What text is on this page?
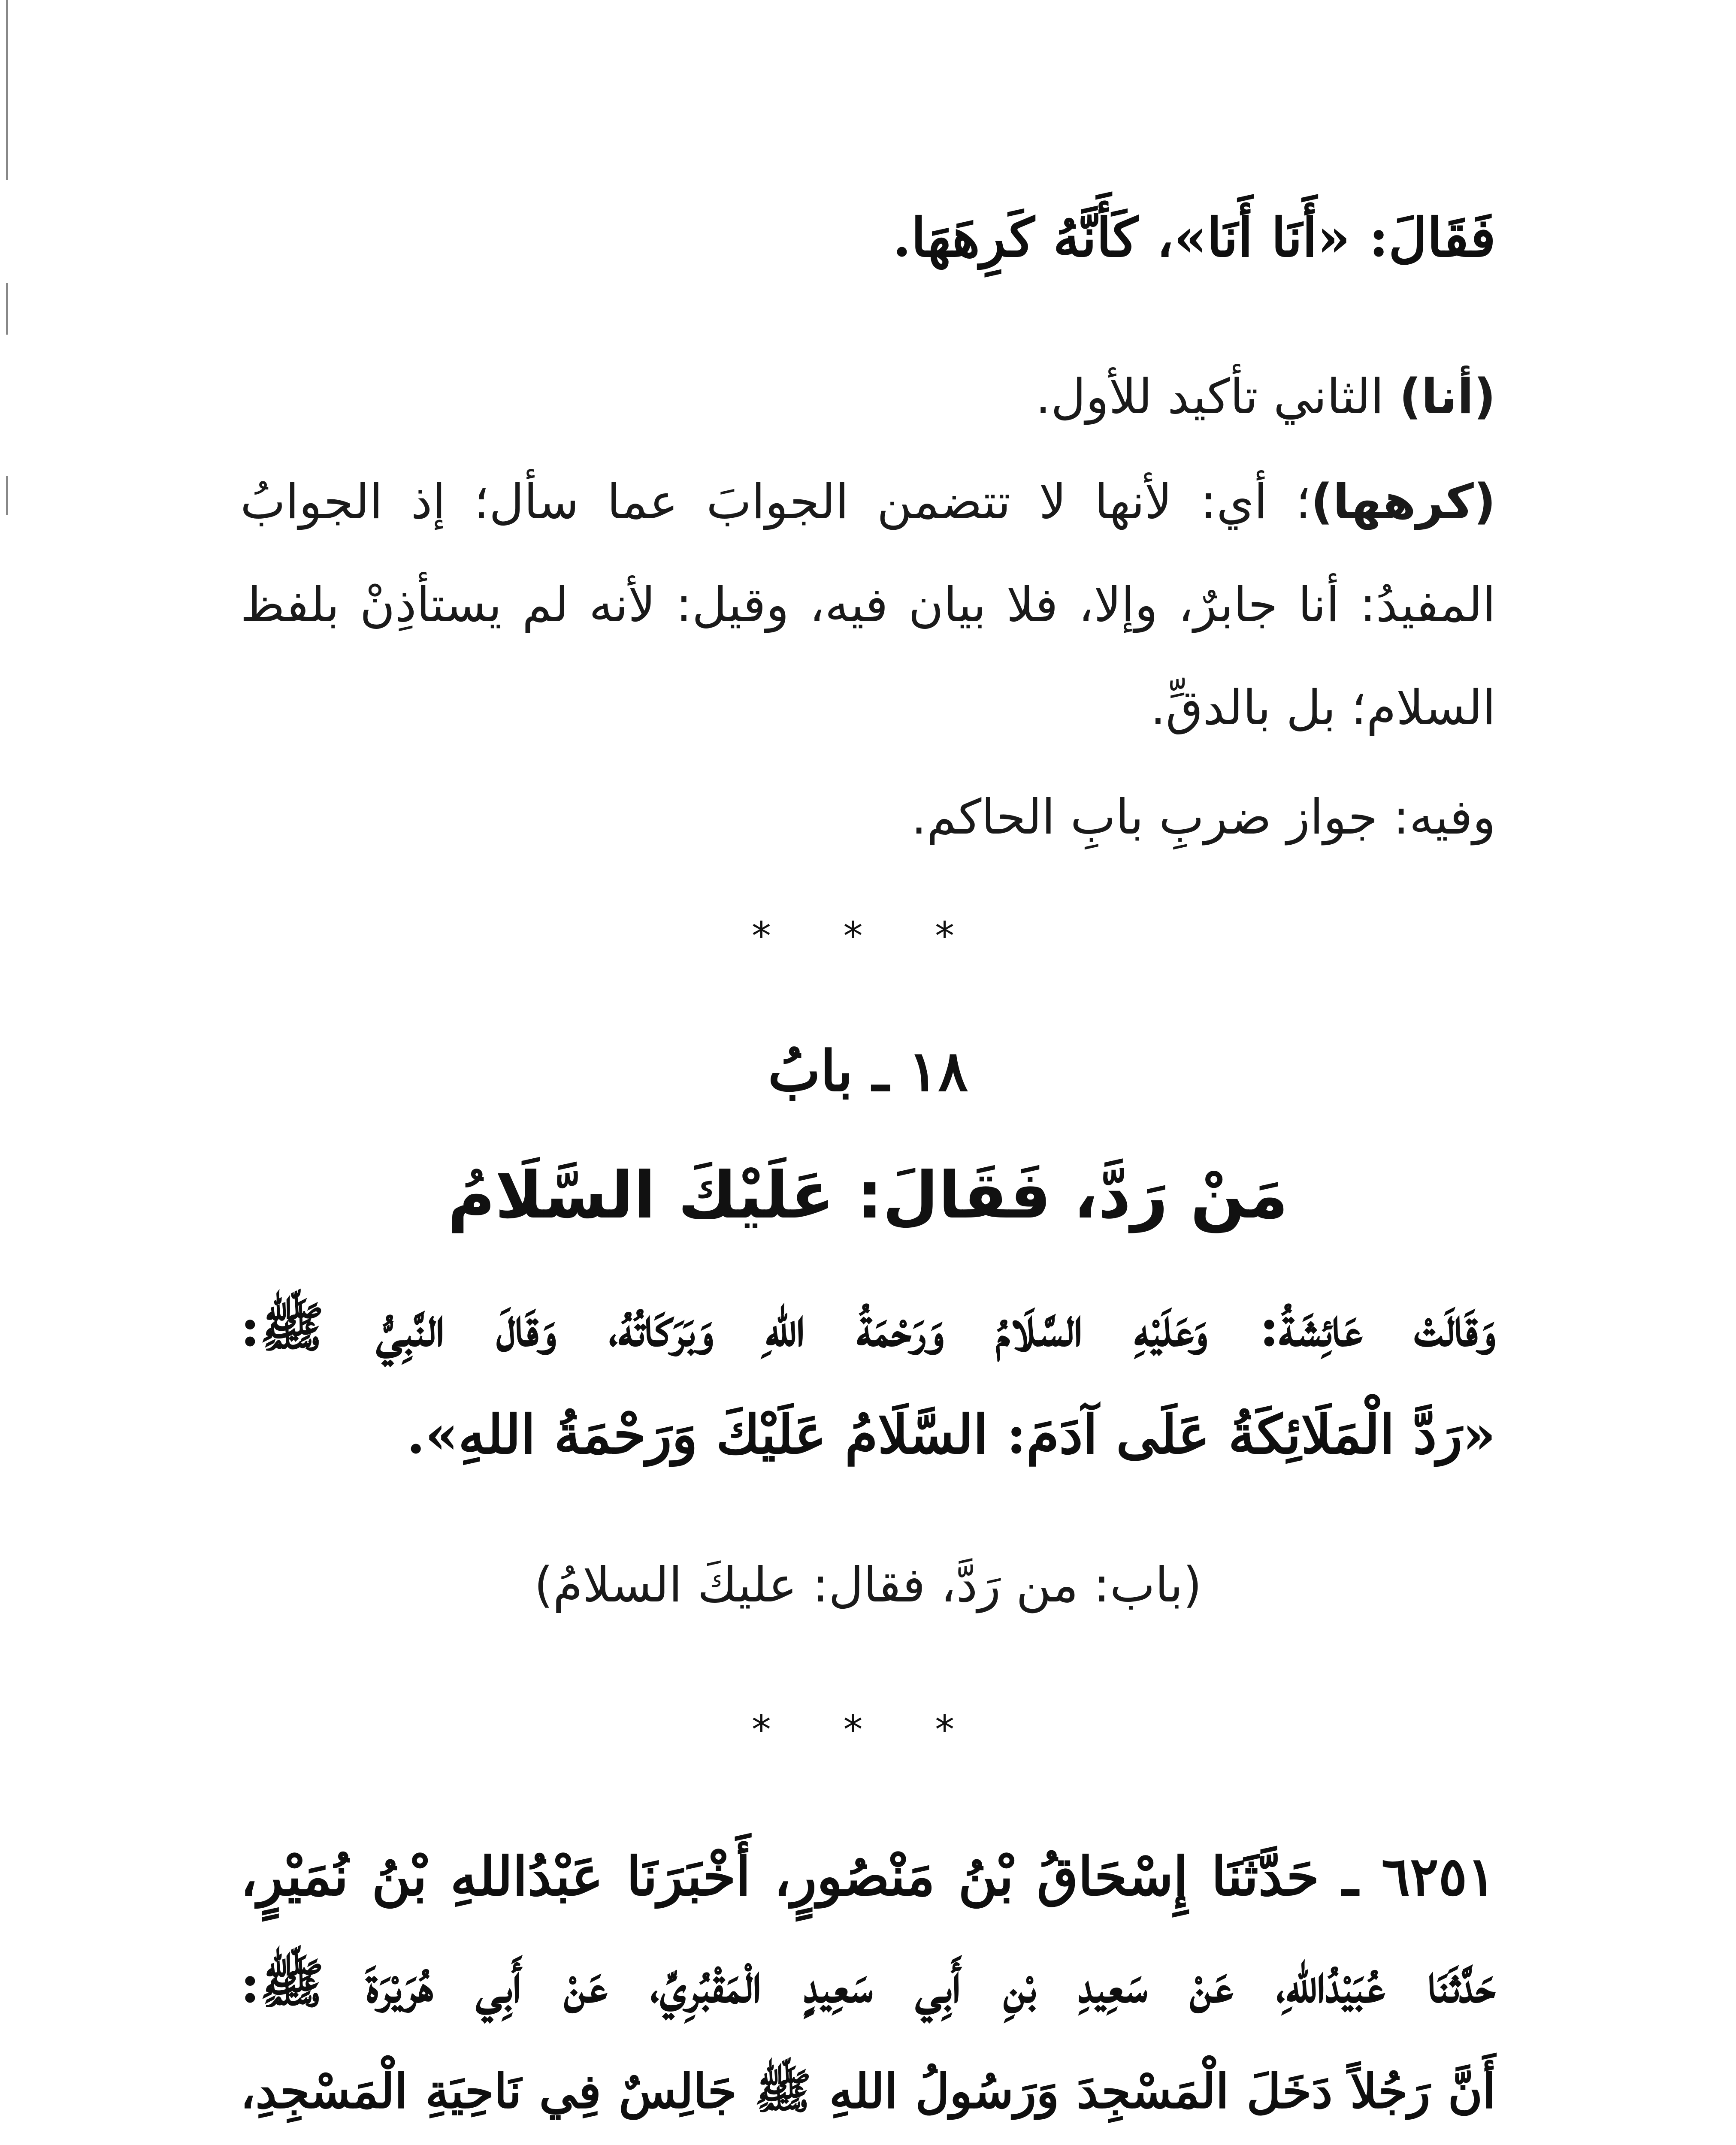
فَقَالَ: «أَنَا أَنَا»، كَأَنَّهُ كَرِهَهَا.
(أنا) الثاني تأكيد للأول.
(كرهها)؛ أي: لأنها لا تتضمن الجوابَ عما سأل؛ إذ الجوابُ
المفيدُ: أنا جابرٌ، وإلا، فلا بيان فيه، وقيل: لأنه لم يستأذِنْ بلفظ
السلام؛ بل بالدقِّ.
وفيه: جواز ضربِ بابِ الحاكم.
* * *
١٨ ـ بابُ
مَنْ رَدَّ، فَقَالَ: عَلَيْكَ السَّلَامُ
وَقَالَتْ عَائِشَةُ: وَعَلَيْهِ السَّلَامُ وَرَحْمَةُ اللهِ وَبَرَكَاتُهُ، وَقَالَ النَّبِيُّ ﷺ:
«رَدَّ الْمَلَائِكَةُ عَلَى آدَمَ: السَّلَامُ عَلَيْكَ وَرَحْمَةُ اللهِ».
(باب: من رَدَّ، فقال: عليكَ السلامُ)
* * *
٦٢٥١ ـ حَدَّثَنَا إِسْحَاقُ بْنُ مَنْصُورٍ، أَخْبَرَنَا عَبْدُاللهِ بْنُ نُمَيْرٍ،
حَدَّثَنَا عُبَيْدُاللهِ، عَنْ سَعِيدِ بْنِ أَبِي سَعِيدٍ الْمَقْبُرِيِّ، عَنْ أَبِي هُرَيْرَةَ ﷺ:
أَنَّ رَجُلاً دَخَلَ الْمَسْجِدَ وَرَسُولُ اللهِ ﷺ جَالِسٌ فِي نَاحِيَةِ الْمَسْجِدِ،
